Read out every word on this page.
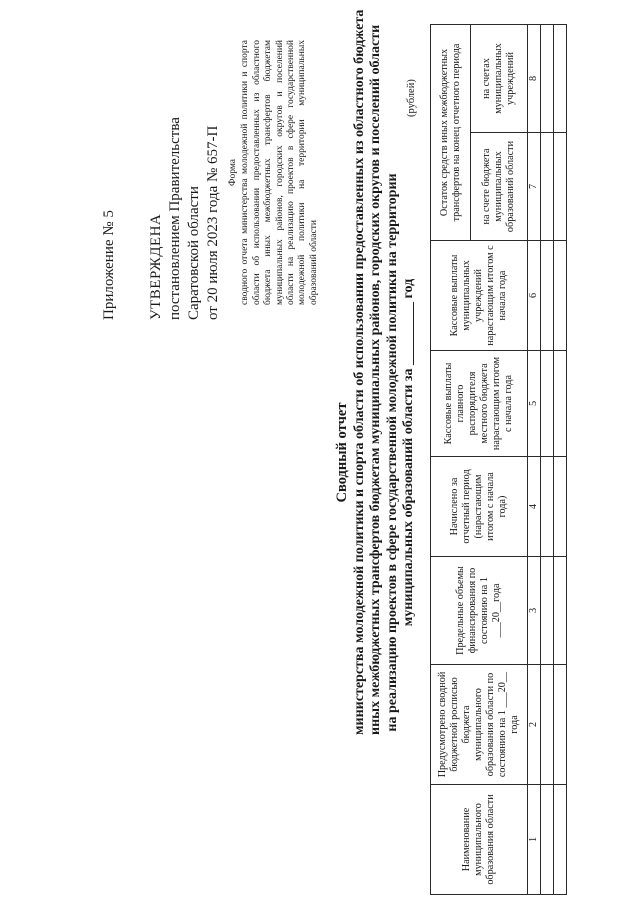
Приложение № 5 УТВЕРЖДЕНА постановлением Правительства Саратовской области от 20 июля 2023 года № 657-П Форма сводного отчета министерства молодежной политики и спорта области об использовании предоставленных из областного бюджета иных межбюджетных трансфертов бюджетам муниципальных районов, городских округов и поселений области на реализацию проектов в сфере государственной молодежной политики на территории муниципальных образований области
Сводный отчет министерства молодежной политики и спорта области об использовании предоставленных из областного бюджета иных межбюджетных трансфертов бюджетам муниципальных районов, городских округов и поселений области на реализацию проектов в сфере государственной молодежной политики на территории муниципальных образований области за _________ год
(рублей)
Наименование муниципального образования области	Предусмотрено сводной бюджетной росписью бюджета муниципального образования области по состоянию на 1 ___20__ года	Предельные объемы финансирования по состоянию на 1 ___20__года	Начислено за отчетный период (нарастающим итогом с начала года)	Кассовые выплаты главного распорядителя местного бюджета нарастающим итогом с начала года	Кассовые выплаты муниципальных учреждений нарастающим итогом с начала года	Остаток средств иных межбюджетных трансфертов на конец отчетного периода	
						на счете бюджета муниципальных образований области	на счетах муниципальных учреждений
1	2	3	4	5	6	7	8
